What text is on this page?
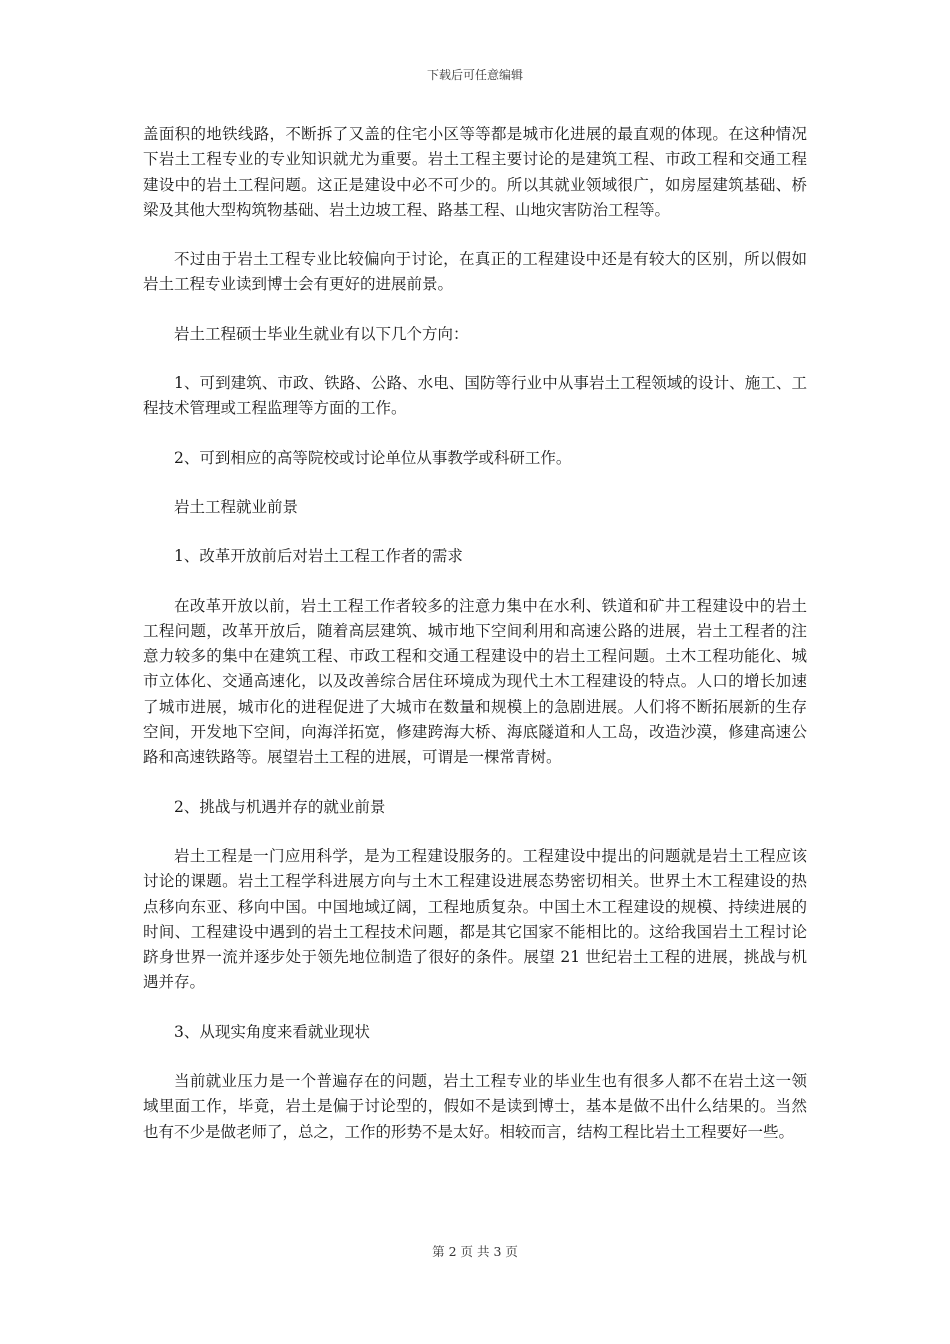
下载后可任意编辑

盖面积的地铁线路，不断拆了又盖的住宅小区等等都是城市化进展的最直观的体现。在这种情况下岩土工程专业的专业知识就尤为重要。岩土工程主要讨论的是建筑工程、市政工程和交通工程建设中的岩土工程问题。这正是建设中必不可少的。所以其就业领域很广，如房屋建筑基础、桥梁及其他大型构筑物基础、岩土边坡工程、路基工程、山地灾害防治工程等。

不过由于岩土工程专业比较偏向于讨论，在真正的工程建设中还是有较大的区别，所以假如岩土工程专业读到博士会有更好的进展前景。

岩土工程硕士毕业生就业有以下几个方向：

1、可到建筑、市政、铁路、公路、水电、国防等行业中从事岩土工程领域的设计、施工、工程技术管理或工程监理等方面的工作。

2、可到相应的高等院校或讨论单位从事教学或科研工作。

岩土工程就业前景

1、改革开放前后对岩土工程工作者的需求

在改革开放以前，岩土工程工作者较多的注意力集中在水利、铁道和矿井工程建设中的岩土工程问题，改革开放后，随着高层建筑、城市地下空间利用和高速公路的进展，岩土工程者的注意力较多的集中在建筑工程、市政工程和交通工程建设中的岩土工程问题。土木工程功能化、城市立体化、交通高速化，以及改善综合居住环境成为现代土木工程建设的特点。人口的增长加速了城市进展，城市化的进程促进了大城市在数量和规模上的急剧进展。人们将不断拓展新的生存空间，开发地下空间，向海洋拓宽，修建跨海大桥、海底隧道和人工岛，改造沙漠，修建高速公路和高速铁路等。展望岩土工程的进展，可谓是一棵常青树。

2、挑战与机遇并存的就业前景

岩土工程是一门应用科学，是为工程建设服务的。工程建设中提出的问题就是岩土工程应该讨论的课题。岩土工程学科进展方向与土木工程建设进展态势密切相关。世界土木工程建设的热点移向东亚、移向中国。中国地域辽阔，工程地质复杂。中国土木工程建设的规模、持续进展的时间、工程建设中遇到的岩土工程技术问题，都是其它国家不能相比的。这给我国岩土工程讨论跻身世界一流并逐步处于领先地位制造了很好的条件。展望 21 世纪岩土工程的进展，挑战与机遇并存。

3、从现实角度来看就业现状

当前就业压力是一个普遍存在的问题，岩土工程专业的毕业生也有很多人都不在岩土这一领域里面工作，毕竟，岩土是偏于讨论型的，假如不是读到博士，基本是做不出什么结果的。当然也有不少是做老师了，总之，工作的形势不是太好。相较而言，结构工程比岩土工程要好一些。

第 2 页 共 3 页
